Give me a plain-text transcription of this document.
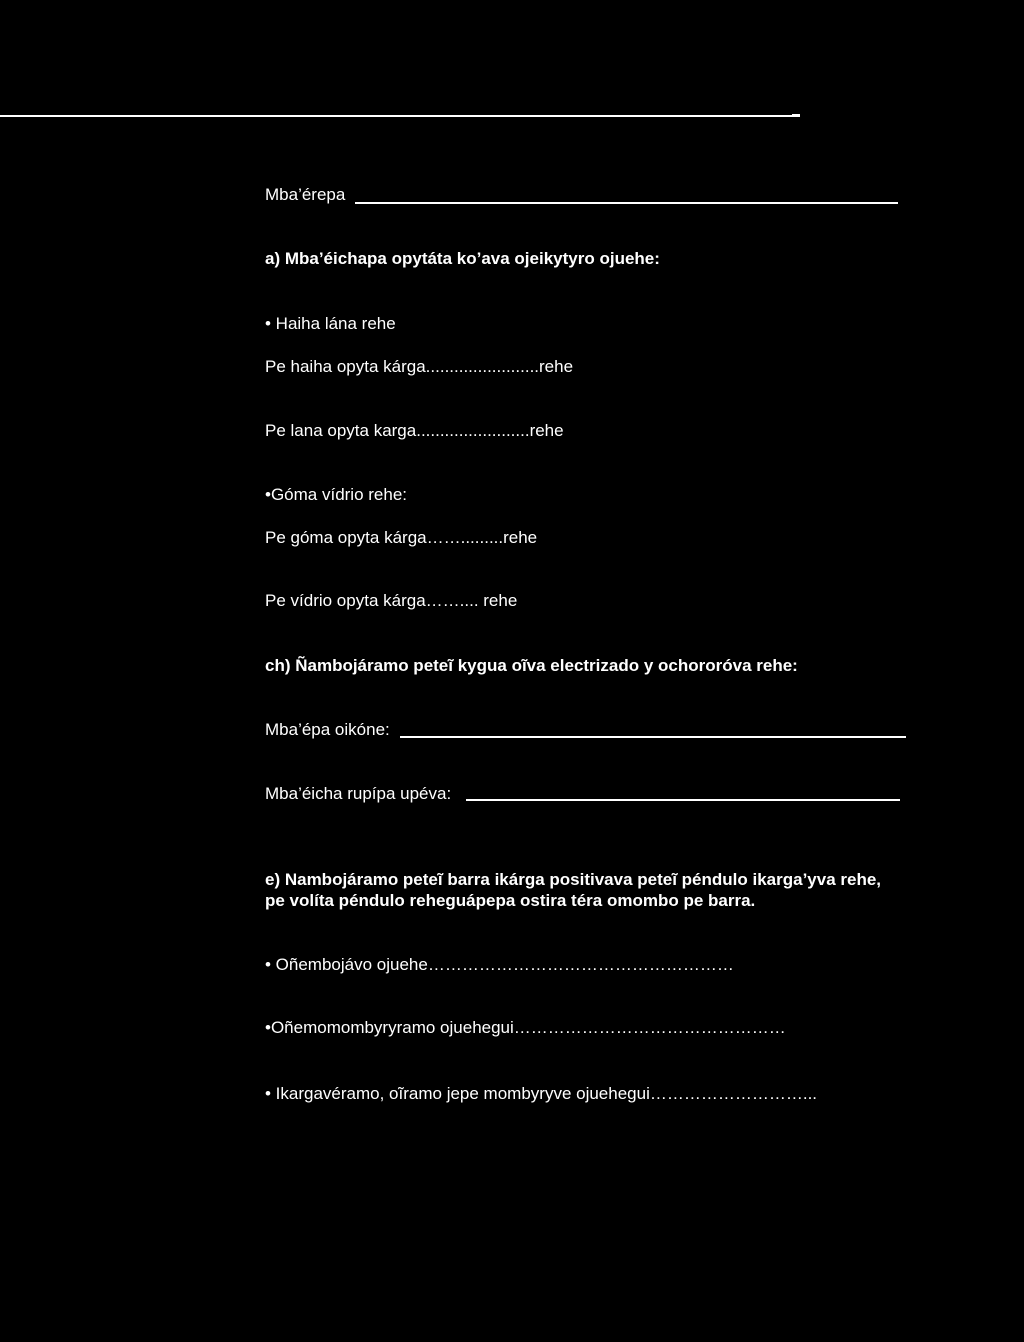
Mba’érepa
a) Mba’éichapa opytáta ko’ava ojeikytyro ojuehe:
• Haiha lána rehe
Pe haiha opyta kárga........................rehe
Pe lana opyta karga........................rehe
•Góma vídrio rehe:
Pe góma opyta kárga…….........rehe
Pe vídrio opyta kárga…….... rehe
ch) Ñambojáramo peteĩ kygua oĩva electrizado y ochororóva rehe:
Mba’épa oikóne:
Mba’éicha rupípa upéva:
e) Nambojáramo peteĩ barra ikárga positivava peteĩ péndulo ikarga’yva rehe,
pe volíta péndulo reheguápepa ostira téra omombo pe barra.
• Oñembojávo ojuehe………………………………………………
•Oñemomombyryramo ojuehegui…………………………………………
• Ikargavéramo, oĩramo jepe mombyryve ojuehegui………………………...
